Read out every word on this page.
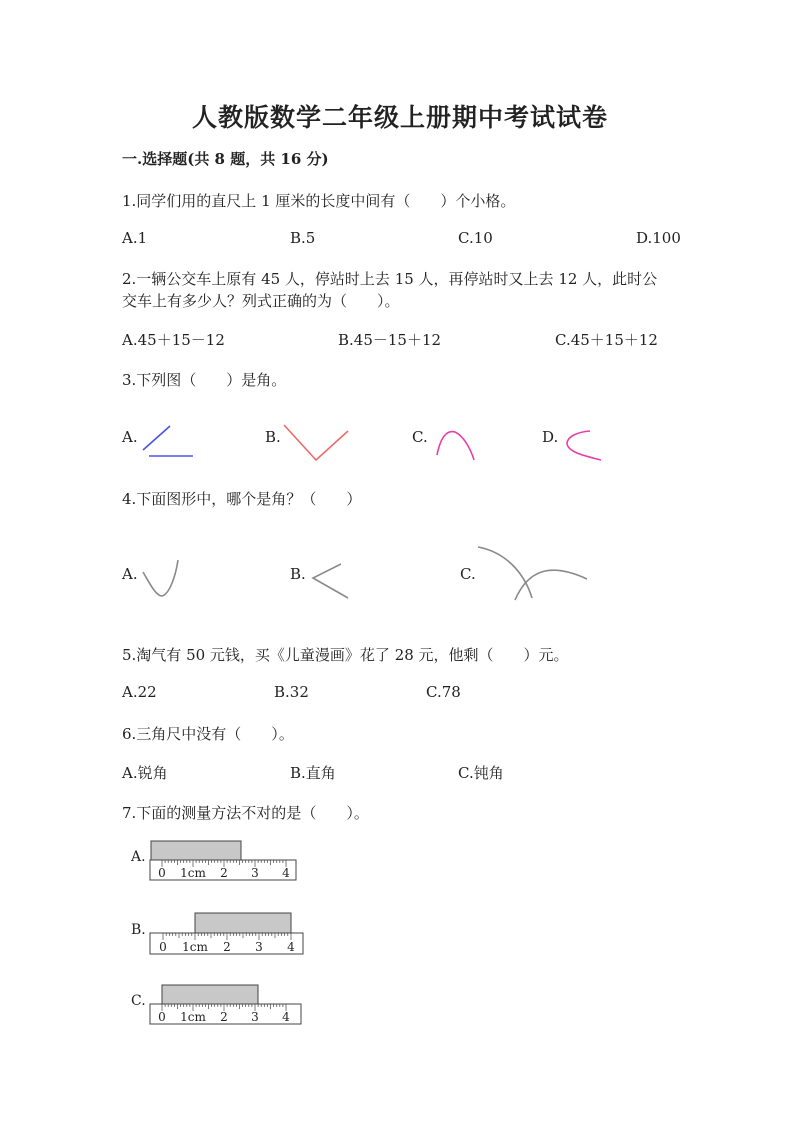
人教版数学二年级上册期中考试试卷
一.选择题(共 8 题，共 16 分)
1.同学们用的直尺上 1 厘米的长度中间有（　　）个小格。
A.1	B.5	C.10	D.100
2.一辆公交车上原有 45 人，停站时上去 15 人，再停站时又上去 12 人，此时公
交车上有多少人？列式正确的为（　　）。
A.45＋15－12	B.45－15＋12	C.45＋15＋12
3.下列图（　　）是角。
A.	B.	C.	D.
0 1cm 2 3 4
0 1cm 2 3 4
0 1cm 2 3 4
4.下面图形中，哪个是角？（　　）
A.	B.	C.
5.淘气有 50 元钱，买《儿童漫画》花了 28 元，他剩（　　）元。
A.22	B.32	C.78
6.三角尺中没有（　　）。
A.锐角	B.直角	C.钝角
7.下面的测量方法不对的是（　　）。
A.
B.
C.
